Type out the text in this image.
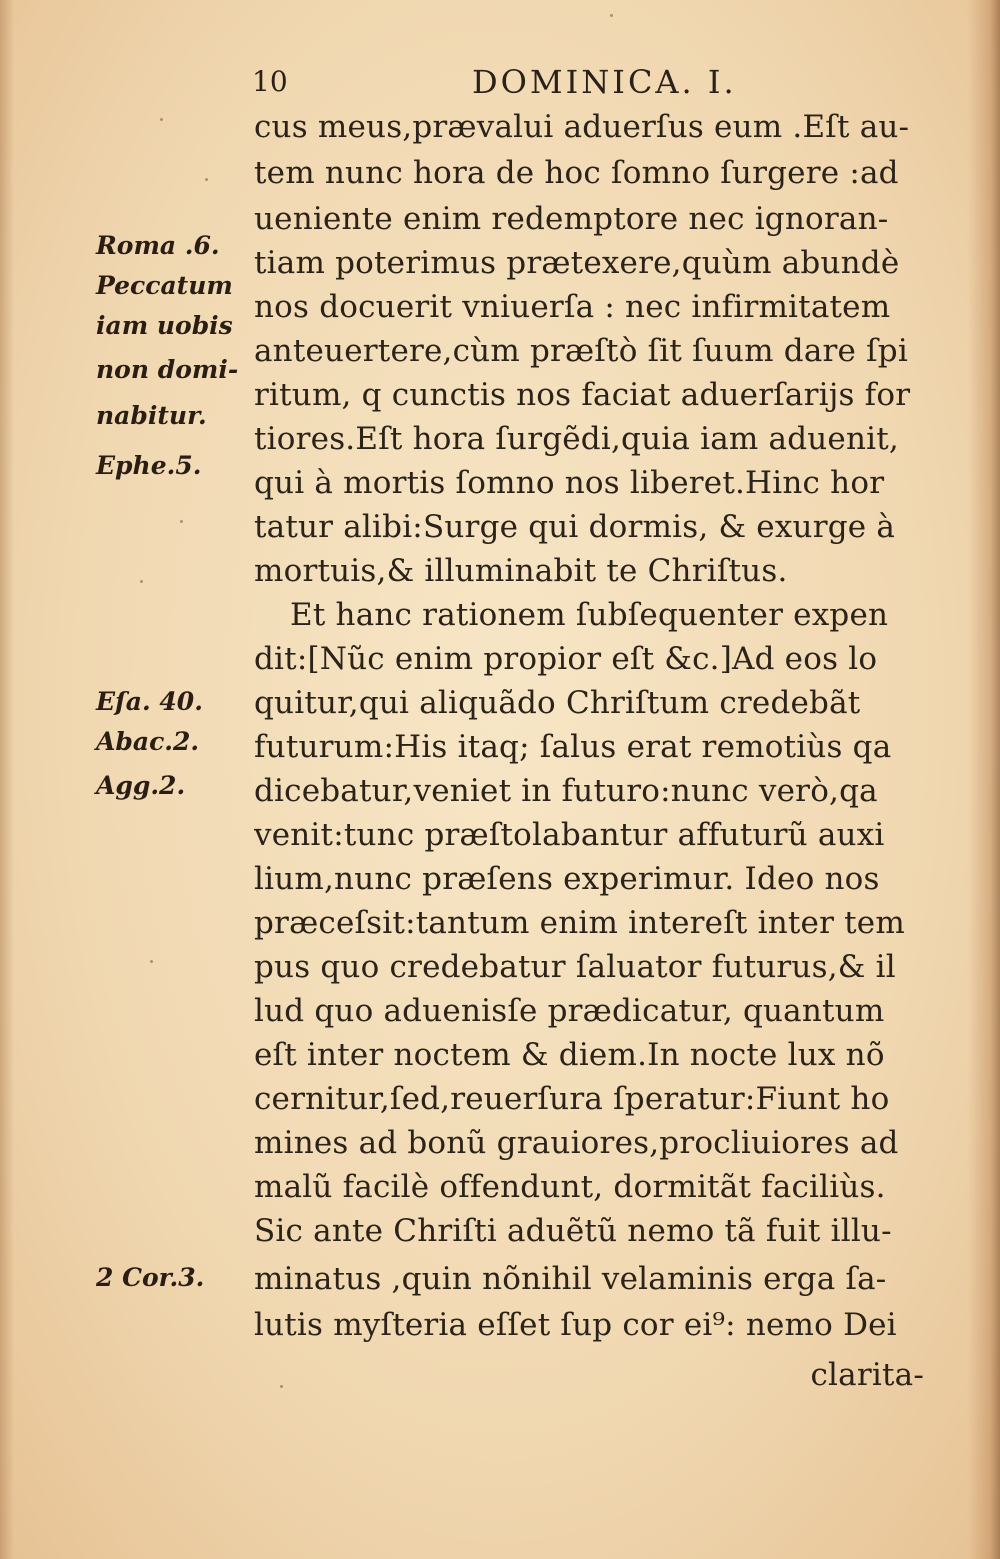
10	DOMINICA. I.
cus meus,prævalui aduerſus eum .Eſt au-
tem nunc hora de hoc ſomno ſurgere :ad
ueniente enim redemptore nec ignoran-
tiam poterimus prætexere,quùm abundè
nos docuerit vniuerſa : nec infirmitatem
anteuertere,cùm præſtò ſit ſuum dare ſpi
ritum, q cunctis nos faciat aduerſarijs for
tiores.Eſt hora ſurgẽdi,quia iam aduenit,
qui à mortis ſomno nos liberet.Hinc hor
tatur alibi:Surge qui dormis, & exurge à
mortuis,& illuminabit te Chriſtus.
Et hanc rationem ſubſequenter expen
dit:[Nũc enim propior eſt &c.]Ad eos lo
quitur,qui aliquãdo Chriſtum credebãt
futurum:His itaq; ſalus erat remotiùs qa
dicebatur,veniet in futuro:nunc verò,qa
venit:tunc præſtolabantur affuturũ auxi
lium,nunc præſens experimur. Ideo nos
præceſsit:tantum enim intereſt inter tem
pus quo credebatur ſaluator futurus,& il
lud quo aduenisſe prædicatur, quantum
eſt inter noctem & diem.In nocte lux nõ
cernitur,ſed,reuerſura ſperatur:Fiunt ho
mines ad bonũ grauiores,procliuiores ad
malũ facilè offendunt, dormitãt faciliùs.
Sic ante Chriſti aduẽtũ nemo tã fuit illu-
minatus ,quin nõnihil velaminis erga ſa-
lutis myſteria eſſet ſup cor ei⁹: nemo Dei
clarita-
Roma .6.
Peccatum
iam uobis
non domi-
nabitur.
Ephe.5.
Eſa. 40.
Abac.2.
Agg.2.
2 Cor.3.
